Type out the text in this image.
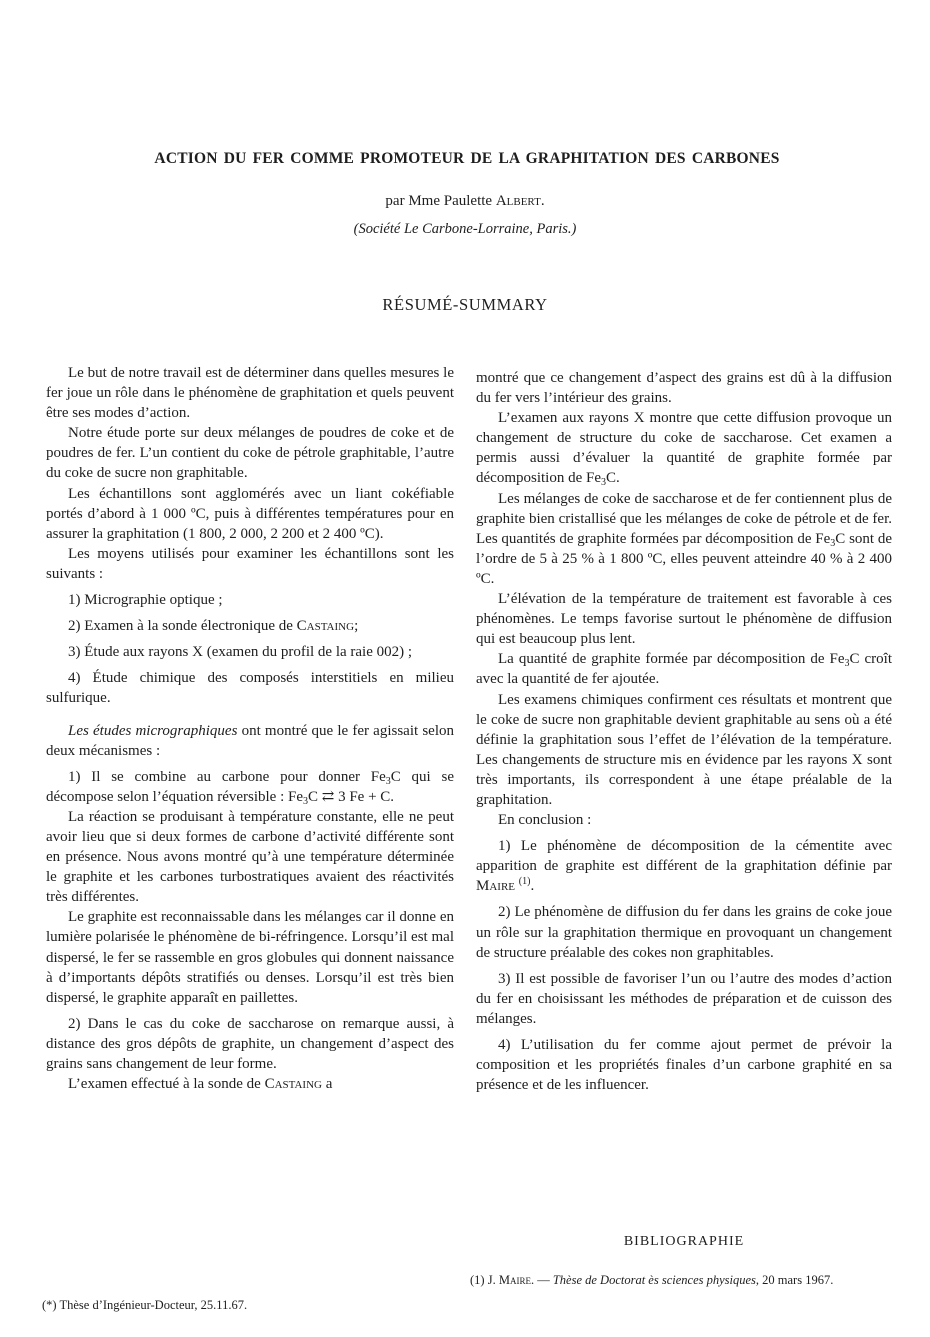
ACTION DU FER COMME PROMOTEUR DE LA GRAPHITATION DES CARBONES
par Mme Paulette Albert.
(Société Le Carbone-Lorraine, Paris.)
RÉSUMÉ-SUMMARY

Le but de notre travail est de déterminer dans quelles mesures le fer joue un rôle dans le phénomène de graphitation et quels peuvent être ses modes d’action.

Notre étude porte sur deux mélanges de poudres de coke et de poudres de fer. L’un contient du coke de pétrole graphitable, l’autre du coke de sucre non graphitable.

Les échantillons sont agglomérés avec un liant cokéfiable portés d’abord à 1 000 ºC, puis à différentes températures pour en assurer la graphitation (1 800, 2 000, 2 200 et 2 400 ºC).

Les moyens utilisés pour examiner les échantillons sont les suivants :

1) Micrographie optique ;

2) Examen à la sonde électronique de Castaing;

3) Étude aux rayons X (examen du profil de la raie 002) ;

4) Étude chimique des composés interstitiels en milieu sulfurique.

Les études micrographiques ont montré que le fer agissait selon deux mécanismes :

1) Il se combine au carbone pour donner $Fe_3C$ qui se décompose selon l’équation réversible : $Fe_3C$ ⇄ 3 Fe + C.

La réaction se produisant à température constante, elle ne peut avoir lieu que si deux formes de carbone d’activité différente sont en présence. Nous avons montré qu’à une température déterminée le graphite et les carbones turbostratiques avaient des réactivités très différentes.

Le graphite est reconnaissable dans les mélanges car il donne en lumière polarisée le phénomène de bi-réfringence. Lorsqu’il est mal dispersé, le fer se rassemble en gros globules qui donnent naissance à d’importants dépôts stratifiés ou denses. Lorsqu’il est très bien dispersé, le graphite apparaît en paillettes.

2) Dans le cas du coke de saccharose on remarque aussi, à distance des gros dépôts de graphite, un changement d’aspect des grains sans changement de leur forme.

L’examen effectué à la sonde de Castaing a

montré que ce changement d’aspect des grains est dû à la diffusion du fer vers l’intérieur des grains.

L’examen aux rayons X montre que cette diffusion provoque un changement de structure du coke de saccharose. Cet examen a permis aussi d’évaluer la quantité de graphite formée par décomposition de $Fe_3C$.

Les mélanges de coke de saccharose et de fer contiennent plus de graphite bien cristallisé que les mélanges de coke de pétrole et de fer. Les quantités de graphite formées par décomposition de $Fe_3C$ sont de l’ordre de 5 à 25 % à 1 800 ºC, elles peuvent atteindre 40 % à 2 400 ºC.

L’élévation de la température de traitement est favorable à ces phénomènes. Le temps favorise surtout le phénomène de diffusion qui est beaucoup plus lent.

La quantité de graphite formée par décomposition de $Fe_3C$ croît avec la quantité de fer ajoutée.

Les examens chimiques confirment ces résultats et montrent que le coke de sucre non graphitable devient graphitable au sens où a été définie la graphitation sous l’effet de l’élévation de la température. Les changements de structure mis en évidence par les rayons X sont très importants, ils correspondent à une étape préalable de la graphitation.

En conclusion :

1) Le phénomène de décomposition de la cémentite avec apparition de graphite est différent de la graphitation définie par Maire $^{(1)}$.

2) Le phénomène de diffusion du fer dans les grains de coke joue un rôle sur la graphitation thermique en provoquant un changement de structure préalable des cokes non graphitables.

3) Il est possible de favoriser l’un ou l’autre des modes d’action du fer en choisissant les méthodes de préparation et de cuisson des mélanges.

4) L’utilisation du fer comme ajout permet de prévoir la composition et les propriétés finales d’un carbone graphité en sa présence et de les influencer.

BIBLIOGRAPHIE
(1) J. Maire. — Thèse de Doctorat ès sciences physiques, 20 mars 1967.
(*) Thèse d’Ingénieur-Docteur, 25.11.67.
